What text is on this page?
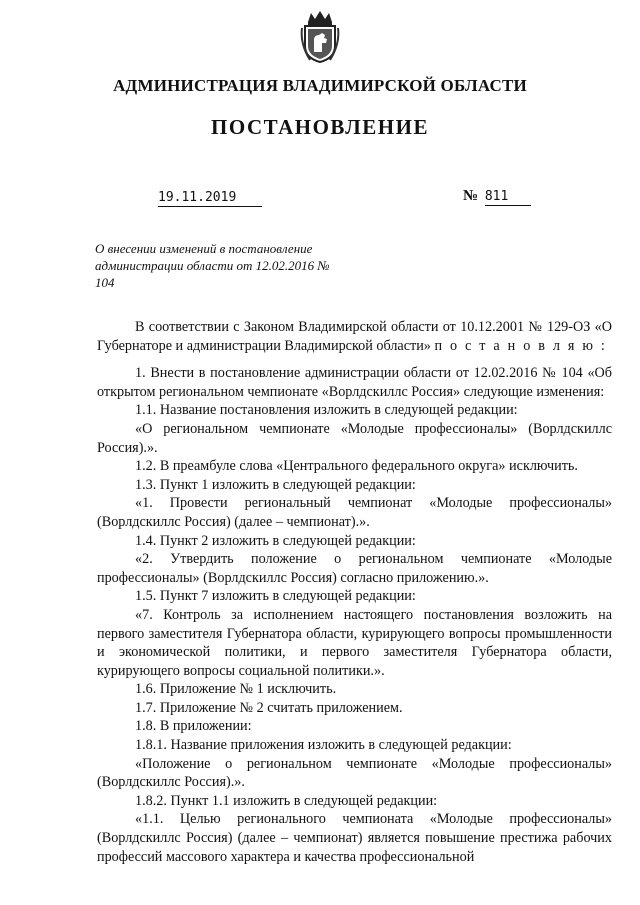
АДМИНИСТРАЦИЯ ВЛАДИМИРСКОЙ ОБЛАСТИ
ПОСТАНОВЛЕНИЕ
19.11.2019	№ 811
О внесении изменений в постановление администрации области от 12.02.2016 № 104

В соответствии с Законом Владимирской области от 10.12.2001 № 129-ОЗ «О Губернаторе и администрации Владимирской области» п о с т а н о в л я ю :

1. Внести в постановление администрации области от 12.02.2016 № 104 «Об открытом региональном чемпионате «Ворлдскиллс Россия» следующие изменения:

1.1. Название постановления изложить в следующей редакции:

«О региональном чемпионате «Молодые профессионалы» (Ворлдскиллс Россия).».

1.2. В преамбуле слова «Центрального федерального округа» исключить.

1.3. Пункт 1 изложить в следующей редакции:

«1. Провести региональный чемпионат «Молодые профессионалы» (Ворлдскиллс Россия) (далее – чемпионат).».

1.4. Пункт 2 изложить в следующей редакции:

«2. Утвердить положение о региональном чемпионате «Молодые профессионалы» (Ворлдскиллс Россия) согласно приложению.».

1.5. Пункт 7 изложить в следующей редакции:

«7. Контроль за исполнением настоящего постановления возложить на первого заместителя Губернатора области, курирующего вопросы промышленности и экономической политики, и первого заместителя Губернатора области, курирующего вопросы социальной политики.».

1.6. Приложение № 1 исключить.

1.7. Приложение № 2 считать приложением.

1.8. В приложении:

1.8.1. Название приложения изложить в следующей редакции:

«Положение о региональном чемпионате «Молодые профессионалы» (Ворлдскиллс Россия).».

1.8.2. Пункт 1.1 изложить в следующей редакции:

«1.1. Целью регионального чемпионата «Молодые профессионалы» (Ворлдскиллс Россия) (далее – чемпионат) является повышение престижа рабочих профессий массового характера и качества профессиональной
